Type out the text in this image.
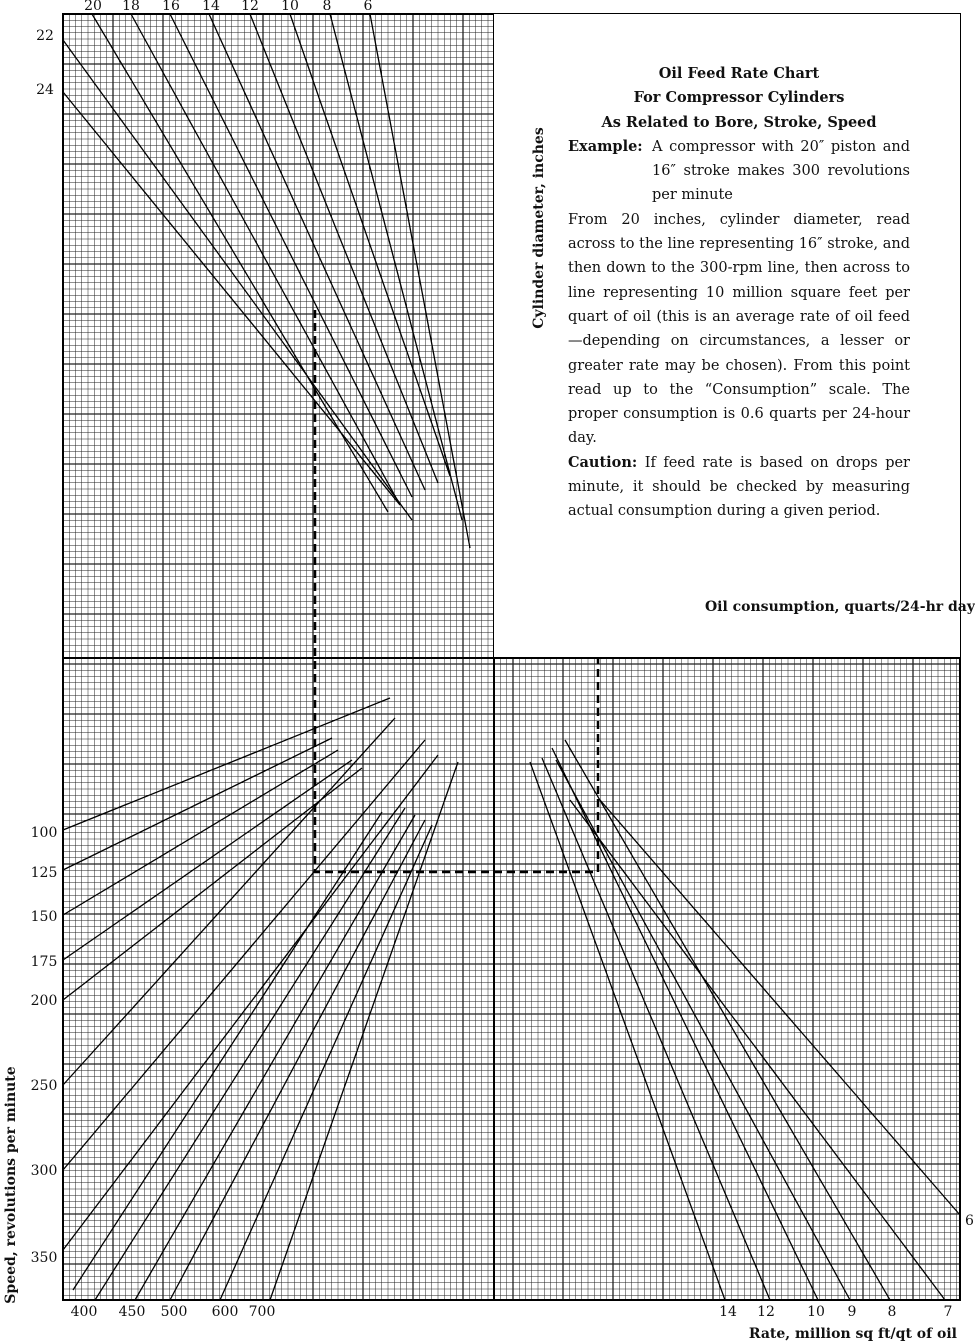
20 18 16 14 12 10 8 6
22
24
100
125
150
175
200
250
300
350
400 450 500 600 700	14 12 10 9 8	7
Cylinder diameter, inches
Oil consumption, quarts/24-hr day
Speed, revolutions per minute
Rate, million sq ft/qt of oil
6
Oil Feed Rate Chart
For Compressor Cylinders
As Related to Bore, Stroke, Speed
Example: A compressor with 20″ piston and 16″ stroke makes 300 revolutions per minute

From 20 inches, cylinder diameter, read across to the line representing 16″ stroke, and then down to the 300-rpm line, then across to line representing 10 million square feet per quart of oil (this is an average rate of oil feed—depending on circumstances, a lesser or greater rate may be chosen). From this point read up to the “Consumption” scale. The proper consumption is 0.6 quarts per 24-hour day.

Caution: If feed rate is based on drops per minute, it should be checked by measuring actual consumption during a given period.
